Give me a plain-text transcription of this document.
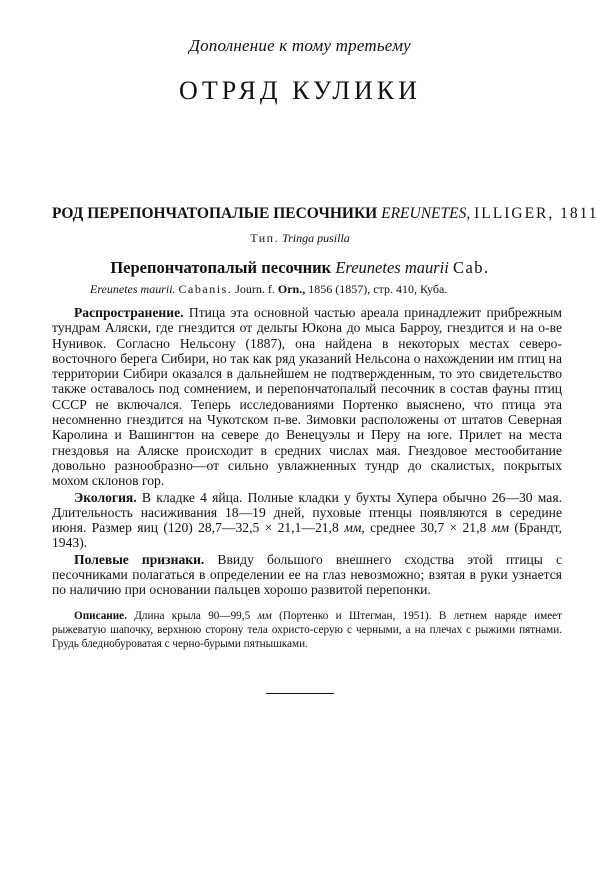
Дополнение к тому третьему
ОТРЯД КУЛИКИ
РОД ПЕРЕПОНЧАТОПАЛЫЕ ПЕСОЧНИКИ EREUNETES, ILLIGER, 1811
Тип. Tringa pusilla
Перепончатопалый песочник Ereunetes maurii Cab.
Ereunetes maurii. Cabanis. Journ. f. Orn., 1856 (1857), стр. 410, Куба.

Распространение. Птица эта основной частью ареала принадлежит прибрежным тундрам Аляски, где гнездится от дельты Юкона до мыса Барроу, гнездится и на о-ве Нунивок. Согласно Нельсону (1887), она найдена в некоторых местах северо-восточного берега Сибири, но так как ряд указаний Нельсона о нахождении им птиц на территории Сибири оказался в дальнейшем не подтвержденным, то это свидетельство также оставалось под сомнением, и перепончатопалый песочник в состав фауны птиц СССР не включался. Теперь исследованиями Портенко выяснено, что птица эта несомненно гнездится на Чукотском п-ве. Зимовки расположены от штатов Северная Каролина и Вашингтон на севере до Венецуэлы и Перу на юге. Прилет на места гнездовья на Аляске происходит в средних числах мая. Гнездовое местообитание довольно разнообразно—от сильно увлажненных тундр до скалистых, покрытых мохом склонов гор.

Экология. В кладке 4 яйца. Полные кладки у бухты Хупера обычно 26—30 мая. Длительность насиживания 18—19 дней, пуховые птенцы появляются в середине июня. Размер яиц (120) 28,7—32,5 × 21,1—21,8 мм, среднее 30,7 × 21,8 мм (Брандт, 1943).

Полевые признаки. Ввиду большого внешнего сходства этой птицы с песочниками полагаться в определении ее на глаз невозможно; взятая в руки узнается по наличию при основании пальцев хорошо развитой перепонки.

Описание. Длина крыла 90—99,5 мм (Портенко и Штегман, 1951). В летнем наряде имеет рыжеватую шапочку, верхнюю сторону тела охристо-серую с черными, а на плечах с рыжими пятнами. Грудь бледнобуроватая с черно-бурыми пятнышками.
